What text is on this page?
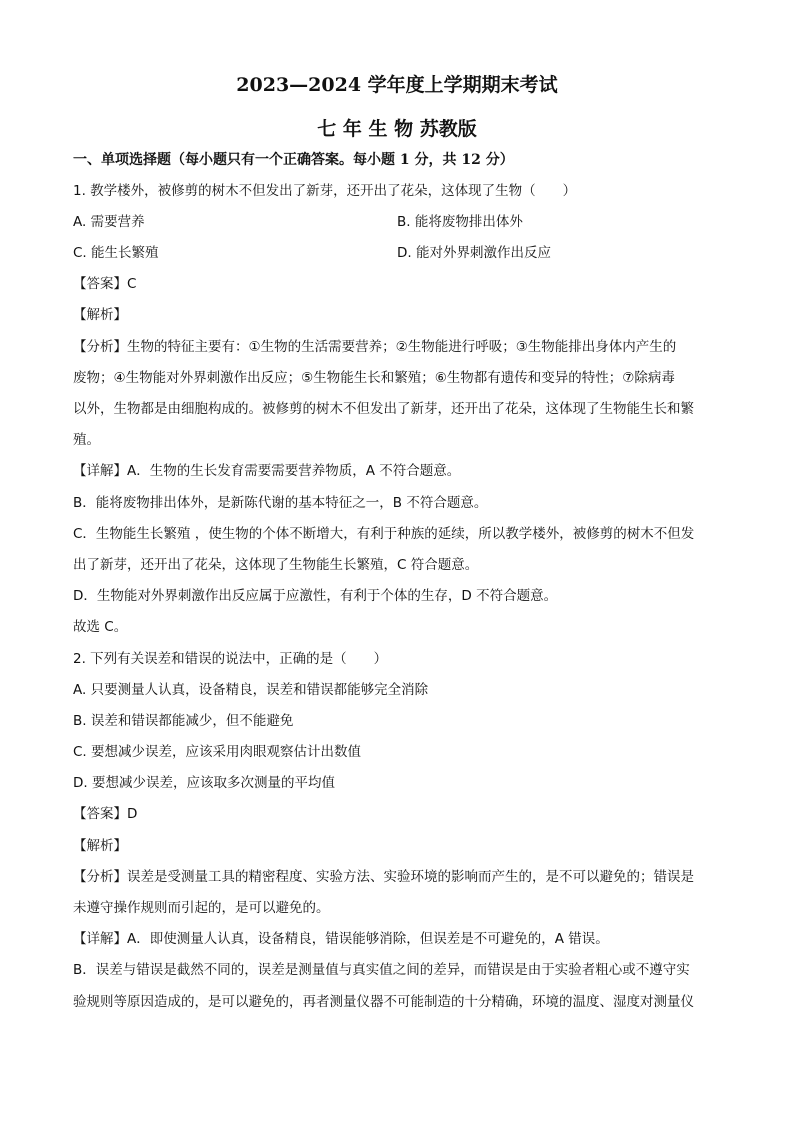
2023—2024 学年度上学期期末考试
七 年 生 物 苏教版
一、单项选择题（每小题只有一个正确答案。每小题 1 分，共 12 分）
1. 教学楼外，被修剪的树木不但发出了新芽，还开出了花朵，这体现了生物（　　）
A. 需要营养	B. 能将废物排出体外
C. 能生长繁殖	D. 能对外界刺激作出反应
【答案】C
【解析】
【分析】生物的特征主要有：①生物的生活需要营养；②生物能进行呼吸；③生物能排出身体内产生的
废物；④生物能对外界刺激作出反应；⑤生物能生长和繁殖；⑥生物都有遗传和变异的特性；⑦除病毒
以外，生物都是由细胞构成的。被修剪的树木不但发出了新芽，还开出了花朵，这体现了生物能生长和繁
殖。
【详解】A．生物的生长发育需要需要营养物质，A 不符合题意。
B．能将废物排出体外，是新陈代谢的基本特征之一，B 不符合题意。
C．生物能生长繁殖 ，使生物的个体不断增大，有利于种族的延续，所以教学楼外，被修剪的树木不但发
出了新芽，还开出了花朵，这体现了生物能生长繁殖，C 符合题意。
D．生物能对外界刺激作出反应属于应激性，有利于个体的生存，D 不符合题意。
故选 C。
2. 下列有关误差和错误的说法中，正确的是（　　）
A. 只要测量人认真，设备精良，误差和错误都能够完全消除
B. 误差和错误都能减少，但不能避免
C. 要想减少误差，应该采用肉眼观察估计出数值
D. 要想减少误差，应该取多次测量的平均值
【答案】D
【解析】
【分析】误差是受测量工具的精密程度、实验方法、实验环境的影响而产生的，是不可以避免的；错误是
未遵守操作规则而引起的，是可以避免的。
【详解】A．即使测量人认真，设备精良，错误能够消除，但误差是不可避免的，A 错误。
B．误差与错误是截然不同的，误差是测量值与真实值之间的差异，而错误是由于实验者粗心或不遵守实
验规则等原因造成的，是可以避免的，再者测量仪器不可能制造的十分精确，环境的温度、湿度对测量仪
